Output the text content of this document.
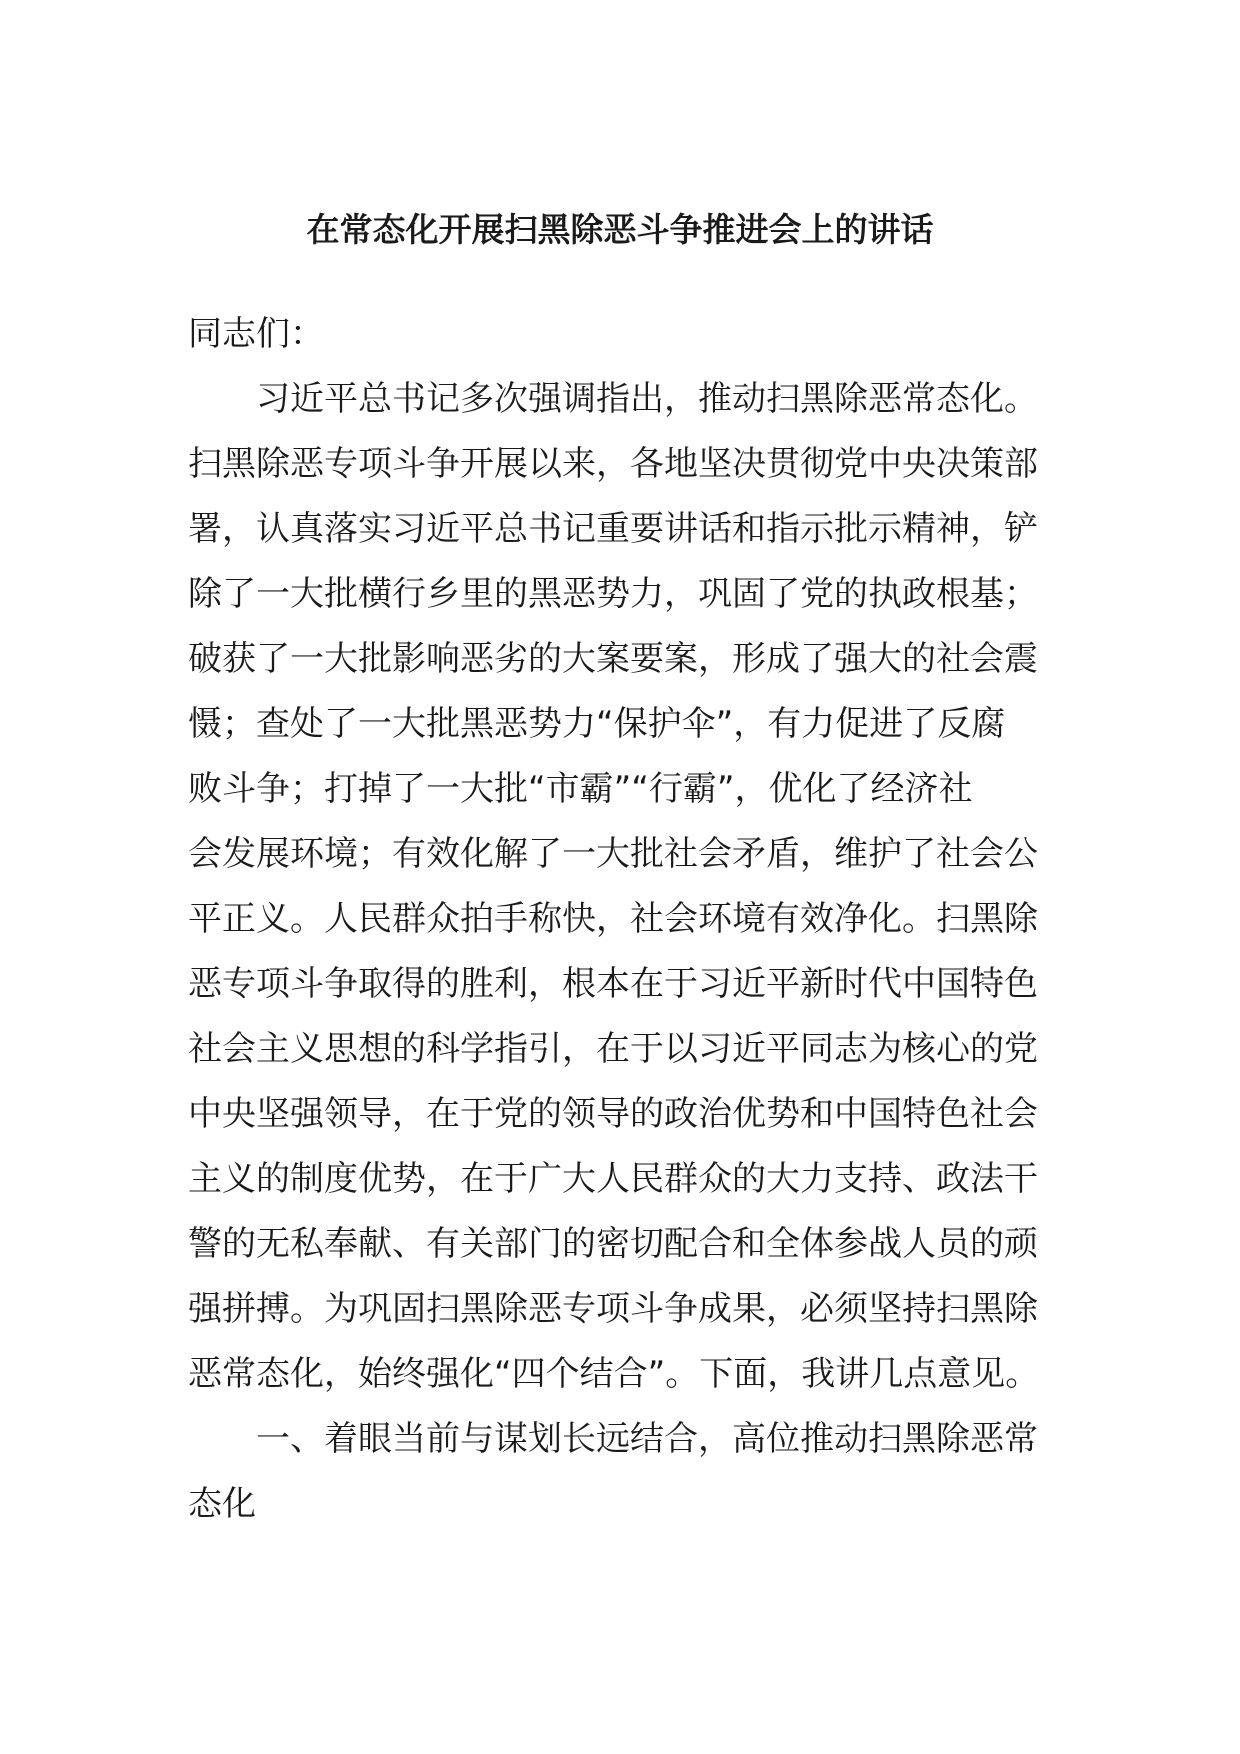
在常态化开展扫黑除恶斗争推进会上的讲话
同志们：
习近平总书记多次强调指出，推动扫黑除恶常态化。
扫黑除恶专项斗争开展以来，各地坚决贯彻党中央决策部
署，认真落实习近平总书记重要讲话和指示批示精神，铲
除了一大批横行乡里的黑恶势力，巩固了党的执政根基；
破获了一大批影响恶劣的大案要案，形成了强大的社会震
慑；查处了一大批黑恶势力“保护伞”，有力促进了反腐
败斗争；打掉了一大批“市霸”“行霸”，优化了经济社
会发展环境；有效化解了一大批社会矛盾，维护了社会公
平正义。人民群众拍手称快，社会环境有效净化。扫黑除
恶专项斗争取得的胜利，根本在于习近平新时代中国特色
社会主义思想的科学指引，在于以习近平同志为核心的党
中央坚强领导，在于党的领导的政治优势和中国特色社会
主义的制度优势，在于广大人民群众的大力支持、政法干
警的无私奉献、有关部门的密切配合和全体参战人员的顽
强拼搏。为巩固扫黑除恶专项斗争成果，必须坚持扫黑除
恶常态化，始终强化“四个结合”。下面，我讲几点意见。
一、着眼当前与谋划长远结合，高位推动扫黑除恶常
态化
